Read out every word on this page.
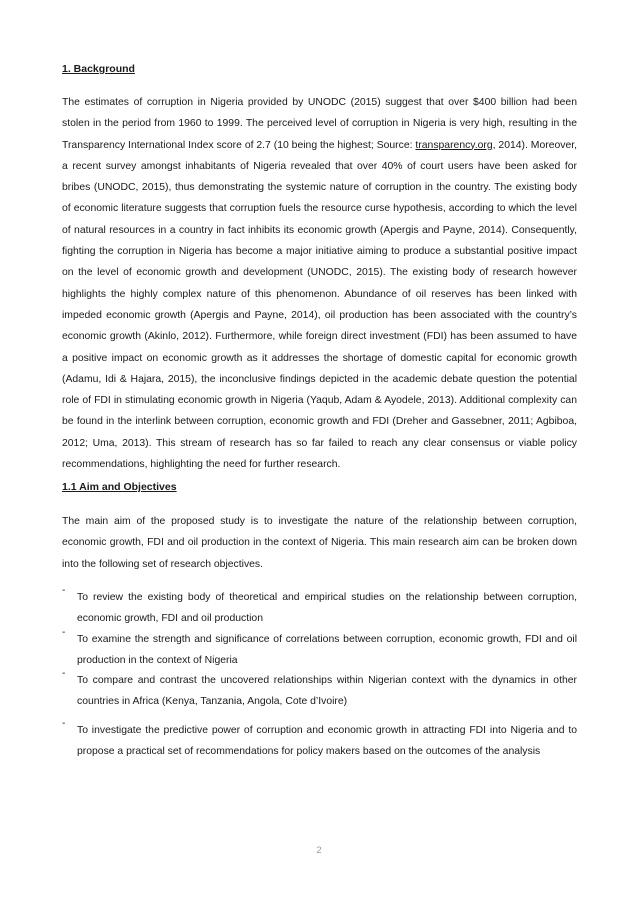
1. Background

The estimates of corruption in Nigeria provided by UNODC (2015) suggest that over $400 billion had been stolen in the period from 1960 to 1999. The perceived level of corruption in Nigeria is very high, resulting in the Transparency International Index score of 2.7 (10 being the highest; Source: transparency.org, 2014). Moreover, a recent survey amongst inhabitants of Nigeria revealed that over 40% of court users have been asked for bribes (UNODC, 2015), thus demonstrating the systemic nature of corruption in the country. The existing body of economic literature suggests that corruption fuels the resource curse hypothesis, according to which the level of natural resources in a country in fact inhibits its economic growth (Apergis and Payne, 2014). Consequently, fighting the corruption in Nigeria has become a major initiative aiming to produce a substantial positive impact on the level of economic growth and development (UNODC, 2015). The existing body of research however highlights the highly complex nature of this phenomenon. Abundance of oil reserves has been linked with impeded economic growth (Apergis and Payne, 2014), oil production has been associated with the country’s economic growth (Akinlo, 2012). Furthermore, while foreign direct investment (FDI) has been assumed to have a positive impact on economic growth as it addresses the shortage of domestic capital for economic growth (Adamu, Idi & Hajara, 2015), the inconclusive findings depicted in the academic debate question the potential role of FDI in stimulating economic growth in Nigeria (Yaqub, Adam & Ayodele, 2013). Additional complexity can be found in the interlink between corruption, economic growth and FDI (Dreher and Gassebner, 2011; Agbiboa, 2012; Uma, 2013). This stream of research has so far failed to reach any clear consensus or viable policy recommendations, highlighting the need for further research.

1.1 Aim and Objectives

The main aim of the proposed study is to investigate the nature of the relationship between corruption, economic growth, FDI and oil production in the context of Nigeria. This main research aim can be broken down into the following set of research objectives.

-
To review the existing body of theoretical and empirical studies on the relationship between corruption, economic growth, FDI and oil production
-
To examine the strength and significance of correlations between corruption, economic growth, FDI and oil production in the context of Nigeria
-
To compare and contrast the uncovered relationships within Nigerian context with the dynamics in other countries in Africa (Kenya, Tanzania, Angola, Cote d’Ivoire)
-
To investigate the predictive power of corruption and economic growth in attracting FDI into Nigeria and to propose a practical set of recommendations for policy makers based on the outcomes of the analysis
2
